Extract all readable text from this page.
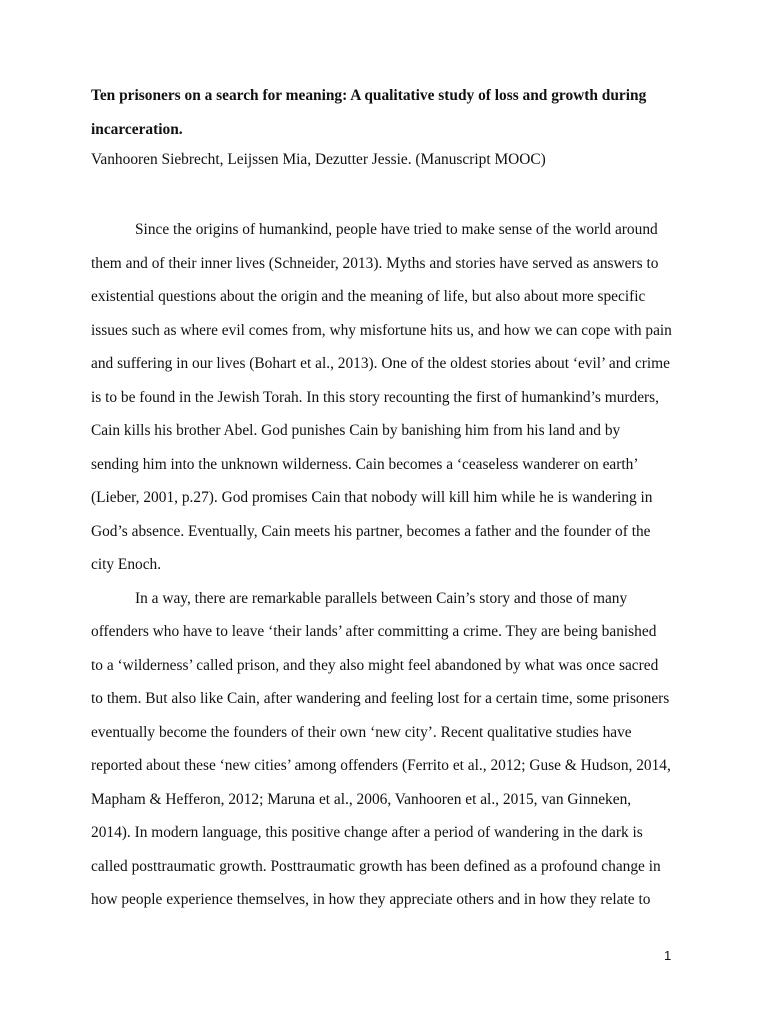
Ten prisoners on a search for meaning: A qualitative study of loss and growth during
incarceration.

Vanhooren Siebrecht, Leijssen Mia, Dezutter Jessie. (Manuscript MOOC)

Since the origins of humankind, people have tried to make sense of the world around
them and of their inner lives (Schneider, 2013). Myths and stories have served as answers to
existential questions about the origin and the meaning of life, but also about more specific
issues such as where evil comes from, why misfortune hits us, and how we can cope with pain
and suffering in our lives (Bohart et al., 2013). One of the oldest stories about ‘evil’ and crime
is to be found in the Jewish Torah. In this story recounting the first of humankind’s murders,
Cain kills his brother Abel. God punishes Cain by banishing him from his land and by
sending him into the unknown wilderness. Cain becomes a ‘ceaseless wanderer on earth’
(Lieber, 2001, p.27). God promises Cain that nobody will kill him while he is wandering in
God’s absence. Eventually, Cain meets his partner, becomes a father and the founder of the
city Enoch.
In a way, there are remarkable parallels between Cain’s story and those of many
offenders who have to leave ‘their lands’ after committing a crime. They are being banished
to a ‘wilderness’ called prison, and they also might feel abandoned by what was once sacred
to them. But also like Cain, after wandering and feeling lost for a certain time, some prisoners
eventually become the founders of their own ‘new city’. Recent qualitative studies have
reported about these ‘new cities’ among offenders (Ferrito et al., 2012; Guse & Hudson, 2014,
Mapham & Hefferon, 2012; Maruna et al., 2006, Vanhooren et al., 2015, van Ginneken,
2014). In modern language, this positive change after a period of wandering in the dark is
called posttraumatic growth. Posttraumatic growth has been defined as a profound change in
how people experience themselves, in how they appreciate others and in how they relate to
1
